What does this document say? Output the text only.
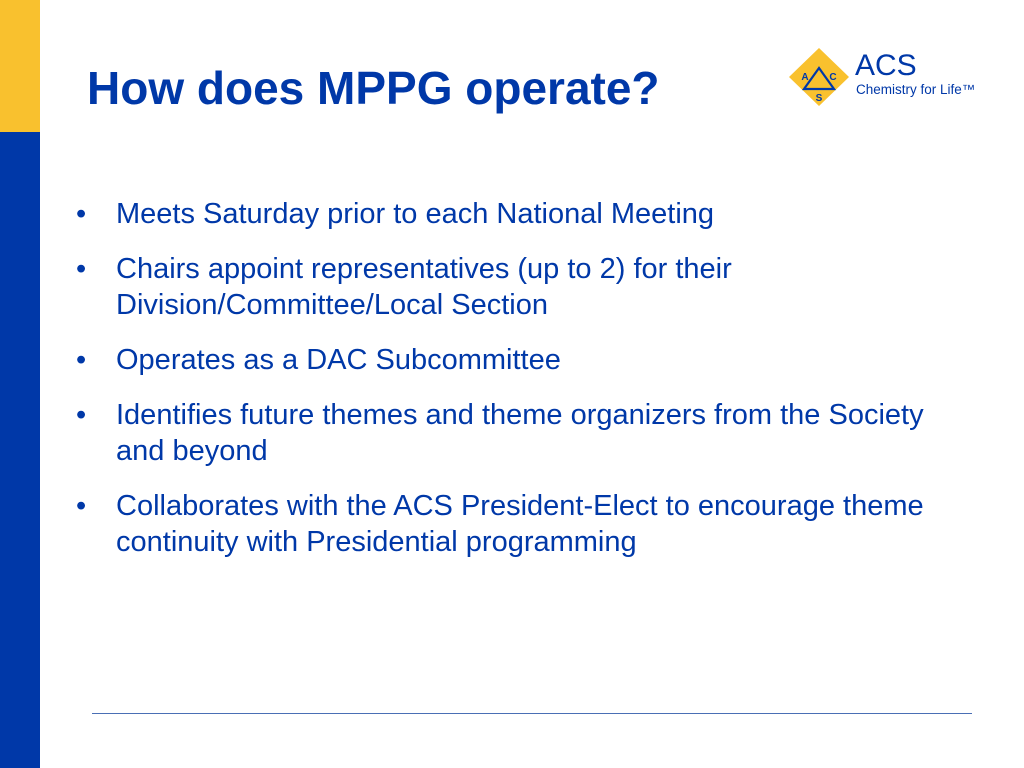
How does MPPG operate?	A C
S
ACS
Chemistry for Life™
•	Meets Saturday prior to each National Meeting
•	Chairs appoint representatives (up to 2) for their Division/Committee/Local Section
•	Operates as a DAC Subcommittee
•	Identifies future themes and theme organizers from the Society and beyond
•	Collaborates with the ACS President-Elect to encourage theme continuity with Presidential programming
